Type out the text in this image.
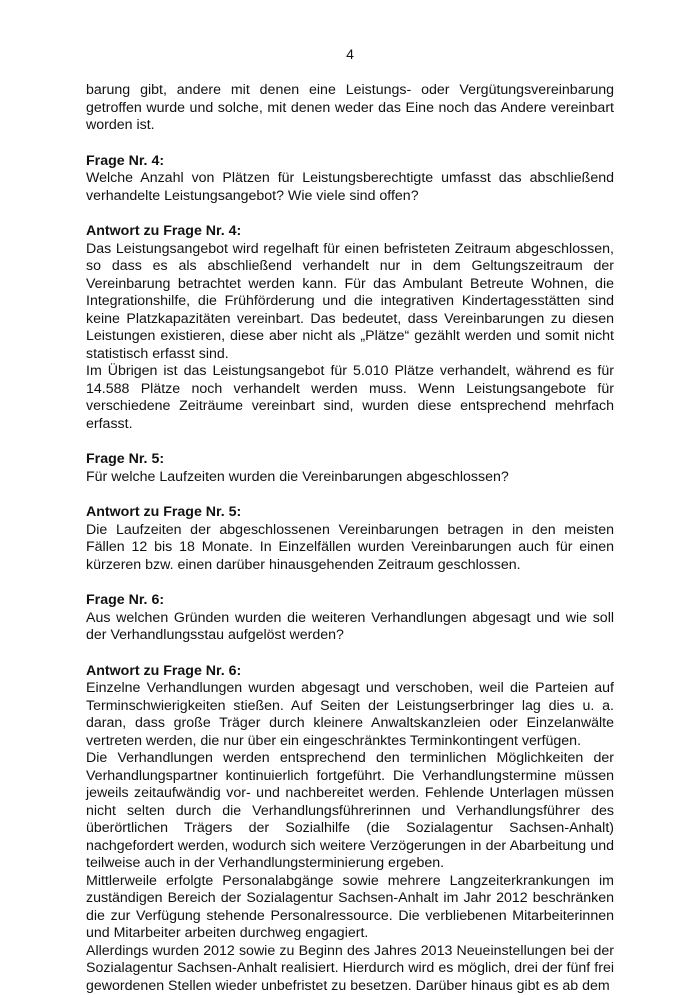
4

barung gibt, andere mit denen eine Leistungs- oder Vergütungsvereinbarung getroffen wurde und solche, mit denen weder das Eine noch das Andere vereinbart worden ist.

Frage Nr. 4:

Welche Anzahl von Plätzen für Leistungsberechtigte umfasst das abschließend verhandelte Leistungsangebot? Wie viele sind offen?

Antwort zu Frage Nr. 4:

Das Leistungsangebot wird regelhaft für einen befristeten Zeitraum abgeschlossen, so dass es als abschließend verhandelt nur in dem Geltungszeitraum der Vereinbarung betrachtet werden kann. Für das Ambulant Betreute Wohnen, die Integrationshilfe, die Frühförderung und die integrativen Kindertagesstätten sind keine Platzkapazitäten vereinbart. Das bedeutet, dass Vereinbarungen zu diesen Leistungen existieren, diese aber nicht als „Plätze“ gezählt werden und somit nicht statistisch erfasst sind.

Im Übrigen ist das Leistungsangebot für 5.010 Plätze verhandelt, während es für 14.588 Plätze noch verhandelt werden muss. Wenn Leistungsangebote für verschiedene Zeiträume vereinbart sind, wurden diese entsprechend mehrfach erfasst.

Frage Nr. 5:

Für welche Laufzeiten wurden die Vereinbarungen abgeschlossen?

Antwort zu Frage Nr. 5:

Die Laufzeiten der abgeschlossenen Vereinbarungen betragen in den meisten Fällen 12 bis 18 Monate. In Einzelfällen wurden Vereinbarungen auch für einen kürzeren bzw. einen darüber hinausgehenden Zeitraum geschlossen.

Frage Nr. 6:

Aus welchen Gründen wurden die weiteren Verhandlungen abgesagt und wie soll der Verhandlungsstau aufgelöst werden?

Antwort zu Frage Nr. 6:

Einzelne Verhandlungen wurden abgesagt und verschoben, weil die Parteien auf Terminschwierigkeiten stießen. Auf Seiten der Leistungserbringer lag dies u. a. daran, dass große Träger durch kleinere Anwaltskanzleien oder Einzelanwälte vertreten werden, die nur über ein eingeschränktes Terminkontingent verfügen.

Die Verhandlungen werden entsprechend den terminlichen Möglichkeiten der Verhandlungspartner kontinuierlich fortgeführt. Die Verhandlungstermine müssen jeweils zeitaufwändig vor- und nachbereitet werden. Fehlende Unterlagen müssen nicht selten durch die Verhandlungsführerinnen und Verhandlungsführer des überörtlichen Trägers der Sozialhilfe (die Sozialagentur Sachsen-Anhalt) nachgefordert werden, wodurch sich weitere Verzögerungen in der Abarbeitung und teilweise auch in der Verhandlungsterminierung ergeben.

Mittlerweile erfolgte Personalabgänge sowie mehrere Langzeiterkrankungen im zuständigen Bereich der Sozialagentur Sachsen-Anhalt im Jahr 2012 beschränken die zur Verfügung stehende Personalressource. Die verbliebenen Mitarbeiterinnen und Mitarbeiter arbeiten durchweg engagiert.

Allerdings wurden 2012 sowie zu Beginn des Jahres 2013 Neueinstellungen bei der Sozialagentur Sachsen-Anhalt realisiert. Hierdurch wird es möglich, drei der fünf frei gewordenen Stellen wieder unbefristet zu besetzen. Darüber hinaus gibt es ab dem
